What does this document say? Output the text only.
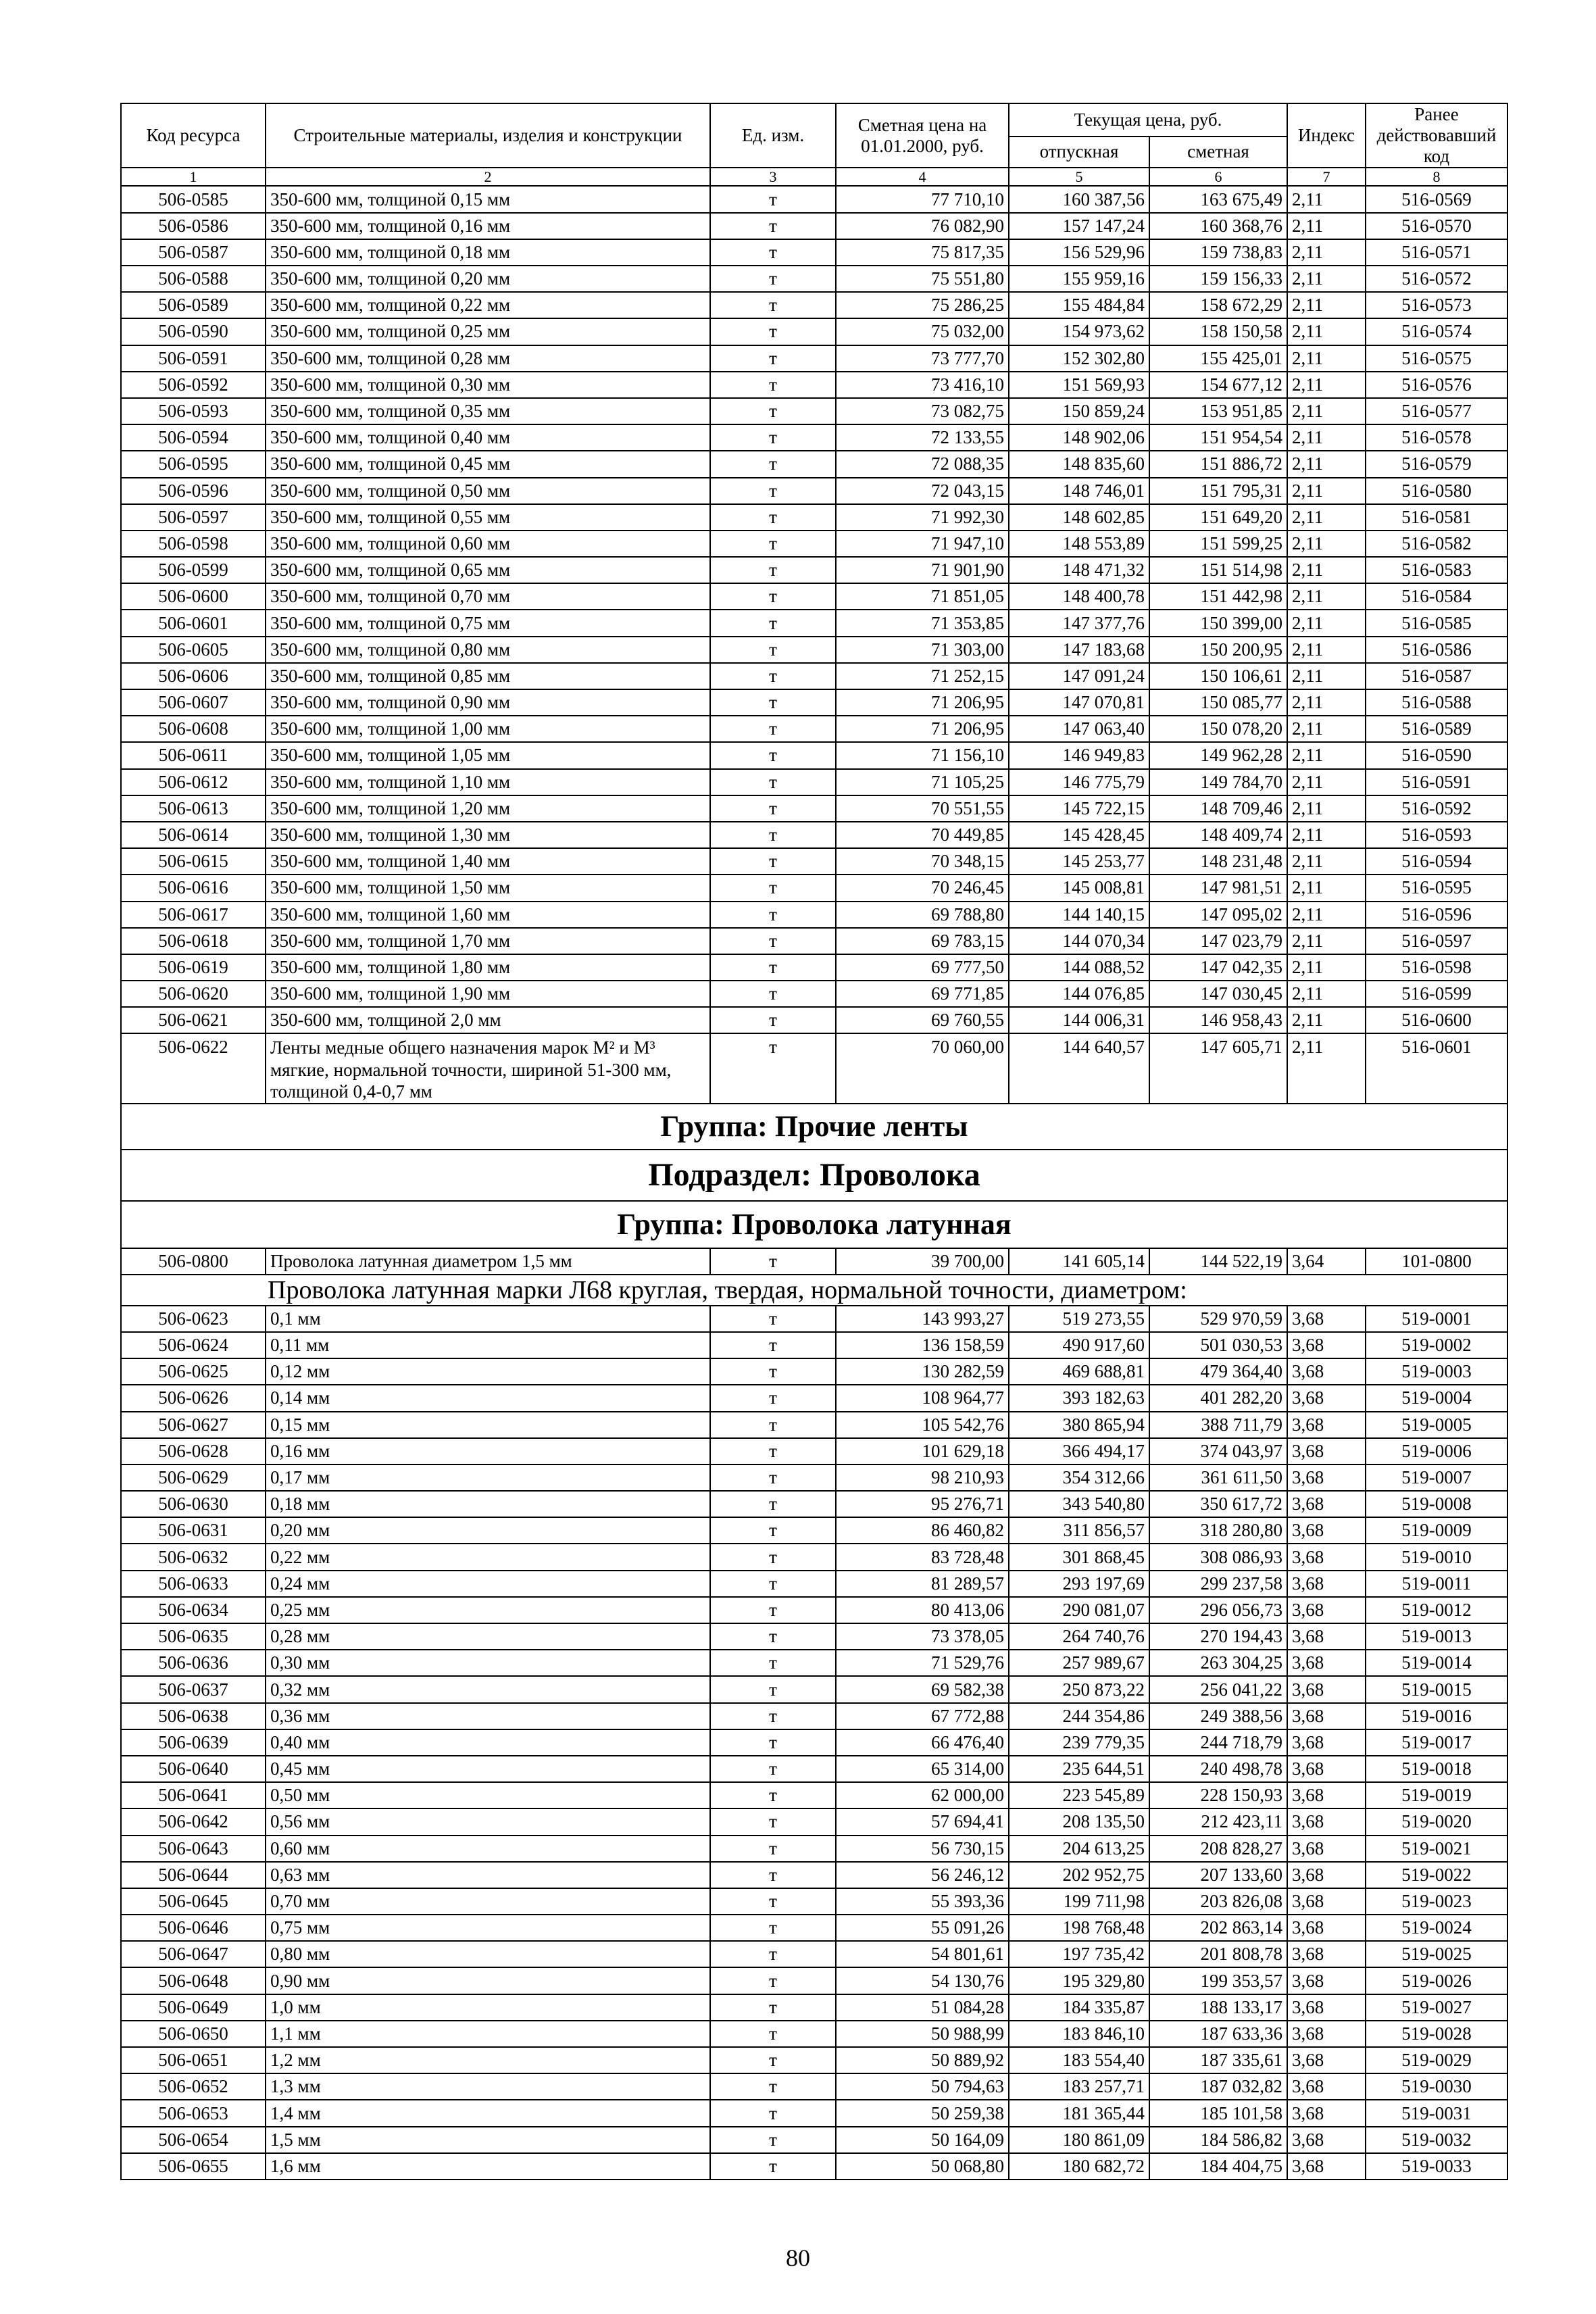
Код ресурса	Строительные материалы, изделия и конструкции	Ед. изм.	Сметная цена на 01.01.2000, руб.	Текущая цена, руб.		Индекс	Ранее действовавший код
				отпускная	сметная		
1	2	3	4	5	6	7	8
506-0585	350-600 мм, толщиной 0,15 мм	т	77 710,10	160 387,56	163 675,49	2,11	516-0569
506-0586	350-600 мм, толщиной 0,16 мм	т	76 082,90	157 147,24	160 368,76	2,11	516-0570
506-0587	350-600 мм, толщиной 0,18 мм	т	75 817,35	156 529,96	159 738,83	2,11	516-0571
506-0588	350-600 мм, толщиной 0,20 мм	т	75 551,80	155 959,16	159 156,33	2,11	516-0572
506-0589	350-600 мм, толщиной 0,22 мм	т	75 286,25	155 484,84	158 672,29	2,11	516-0573
506-0590	350-600 мм, толщиной 0,25 мм	т	75 032,00	154 973,62	158 150,58	2,11	516-0574
506-0591	350-600 мм, толщиной 0,28 мм	т	73 777,70	152 302,80	155 425,01	2,11	516-0575
506-0592	350-600 мм, толщиной 0,30 мм	т	73 416,10	151 569,93	154 677,12	2,11	516-0576
506-0593	350-600 мм, толщиной 0,35 мм	т	73 082,75	150 859,24	153 951,85	2,11	516-0577
506-0594	350-600 мм, толщиной 0,40 мм	т	72 133,55	148 902,06	151 954,54	2,11	516-0578
506-0595	350-600 мм, толщиной 0,45 мм	т	72 088,35	148 835,60	151 886,72	2,11	516-0579
506-0596	350-600 мм, толщиной 0,50 мм	т	72 043,15	148 746,01	151 795,31	2,11	516-0580
506-0597	350-600 мм, толщиной 0,55 мм	т	71 992,30	148 602,85	151 649,20	2,11	516-0581
506-0598	350-600 мм, толщиной 0,60 мм	т	71 947,10	148 553,89	151 599,25	2,11	516-0582
506-0599	350-600 мм, толщиной 0,65 мм	т	71 901,90	148 471,32	151 514,98	2,11	516-0583
506-0600	350-600 мм, толщиной 0,70 мм	т	71 851,05	148 400,78	151 442,98	2,11	516-0584
506-0601	350-600 мм, толщиной 0,75 мм	т	71 353,85	147 377,76	150 399,00	2,11	516-0585
506-0605	350-600 мм, толщиной 0,80 мм	т	71 303,00	147 183,68	150 200,95	2,11	516-0586
506-0606	350-600 мм, толщиной 0,85 мм	т	71 252,15	147 091,24	150 106,61	2,11	516-0587
506-0607	350-600 мм, толщиной 0,90 мм	т	71 206,95	147 070,81	150 085,77	2,11	516-0588
506-0608	350-600 мм, толщиной 1,00 мм	т	71 206,95	147 063,40	150 078,20	2,11	516-0589
506-0611	350-600 мм, толщиной 1,05 мм	т	71 156,10	146 949,83	149 962,28	2,11	516-0590
506-0612	350-600 мм, толщиной 1,10 мм	т	71 105,25	146 775,79	149 784,70	2,11	516-0591
506-0613	350-600 мм, толщиной 1,20 мм	т	70 551,55	145 722,15	148 709,46	2,11	516-0592
506-0614	350-600 мм, толщиной 1,30 мм	т	70 449,85	145 428,45	148 409,74	2,11	516-0593
506-0615	350-600 мм, толщиной 1,40 мм	т	70 348,15	145 253,77	148 231,48	2,11	516-0594
506-0616	350-600 мм, толщиной 1,50 мм	т	70 246,45	145 008,81	147 981,51	2,11	516-0595
506-0617	350-600 мм, толщиной 1,60 мм	т	69 788,80	144 140,15	147 095,02	2,11	516-0596
506-0618	350-600 мм, толщиной 1,70 мм	т	69 783,15	144 070,34	147 023,79	2,11	516-0597
506-0619	350-600 мм, толщиной 1,80 мм	т	69 777,50	144 088,52	147 042,35	2,11	516-0598
506-0620	350-600 мм, толщиной 1,90 мм	т	69 771,85	144 076,85	147 030,45	2,11	516-0599
506-0621	350-600 мм, толщиной 2,0 мм	т	69 760,55	144 006,31	146 958,43	2,11	516-0600
506-0622	Ленты медные общего назначения марок М² и М³ мягкие, нормальной точности, шириной 51-300 мм, толщиной 0,4-0,7 мм	т	70 060,00	144 640,57	147 605,71	2,11	516-0601
Группа: Прочие ленты							
Подраздел: Проволока							
Группа: Проволока латунная							
506-0800	Проволока латунная диаметром 1,5 мм	т	39 700,00	141 605,14	144 522,19	3,64	101-0800
Проволока латунная марки Л68 круглая, твердая, нормальной точности, диаметром:							
506-0623	0,1 мм	т	143 993,27	519 273,55	529 970,59	3,68	519-0001
506-0624	0,11 мм	т	136 158,59	490 917,60	501 030,53	3,68	519-0002
506-0625	0,12 мм	т	130 282,59	469 688,81	479 364,40	3,68	519-0003
506-0626	0,14 мм	т	108 964,77	393 182,63	401 282,20	3,68	519-0004
506-0627	0,15 мм	т	105 542,76	380 865,94	388 711,79	3,68	519-0005
506-0628	0,16 мм	т	101 629,18	366 494,17	374 043,97	3,68	519-0006
506-0629	0,17 мм	т	98 210,93	354 312,66	361 611,50	3,68	519-0007
506-0630	0,18 мм	т	95 276,71	343 540,80	350 617,72	3,68	519-0008
506-0631	0,20 мм	т	86 460,82	311 856,57	318 280,80	3,68	519-0009
506-0632	0,22 мм	т	83 728,48	301 868,45	308 086,93	3,68	519-0010
506-0633	0,24 мм	т	81 289,57	293 197,69	299 237,58	3,68	519-0011
506-0634	0,25 мм	т	80 413,06	290 081,07	296 056,73	3,68	519-0012
506-0635	0,28 мм	т	73 378,05	264 740,76	270 194,43	3,68	519-0013
506-0636	0,30 мм	т	71 529,76	257 989,67	263 304,25	3,68	519-0014
506-0637	0,32 мм	т	69 582,38	250 873,22	256 041,22	3,68	519-0015
506-0638	0,36 мм	т	67 772,88	244 354,86	249 388,56	3,68	519-0016
506-0639	0,40 мм	т	66 476,40	239 779,35	244 718,79	3,68	519-0017
506-0640	0,45 мм	т	65 314,00	235 644,51	240 498,78	3,68	519-0018
506-0641	0,50 мм	т	62 000,00	223 545,89	228 150,93	3,68	519-0019
506-0642	0,56 мм	т	57 694,41	208 135,50	212 423,11	3,68	519-0020
506-0643	0,60 мм	т	56 730,15	204 613,25	208 828,27	3,68	519-0021
506-0644	0,63 мм	т	56 246,12	202 952,75	207 133,60	3,68	519-0022
506-0645	0,70 мм	т	55 393,36	199 711,98	203 826,08	3,68	519-0023
506-0646	0,75 мм	т	55 091,26	198 768,48	202 863,14	3,68	519-0024
506-0647	0,80 мм	т	54 801,61	197 735,42	201 808,78	3,68	519-0025
506-0648	0,90 мм	т	54 130,76	195 329,80	199 353,57	3,68	519-0026
506-0649	1,0 мм	т	51 084,28	184 335,87	188 133,17	3,68	519-0027
506-0650	1,1 мм	т	50 988,99	183 846,10	187 633,36	3,68	519-0028
506-0651	1,2 мм	т	50 889,92	183 554,40	187 335,61	3,68	519-0029
506-0652	1,3 мм	т	50 794,63	183 257,71	187 032,82	3,68	519-0030
506-0653	1,4 мм	т	50 259,38	181 365,44	185 101,58	3,68	519-0031
506-0654	1,5 мм	т	50 164,09	180 861,09	184 586,82	3,68	519-0032
506-0655	1,6 мм	т	50 068,80	180 682,72	184 404,75	3,68	519-0033
80
